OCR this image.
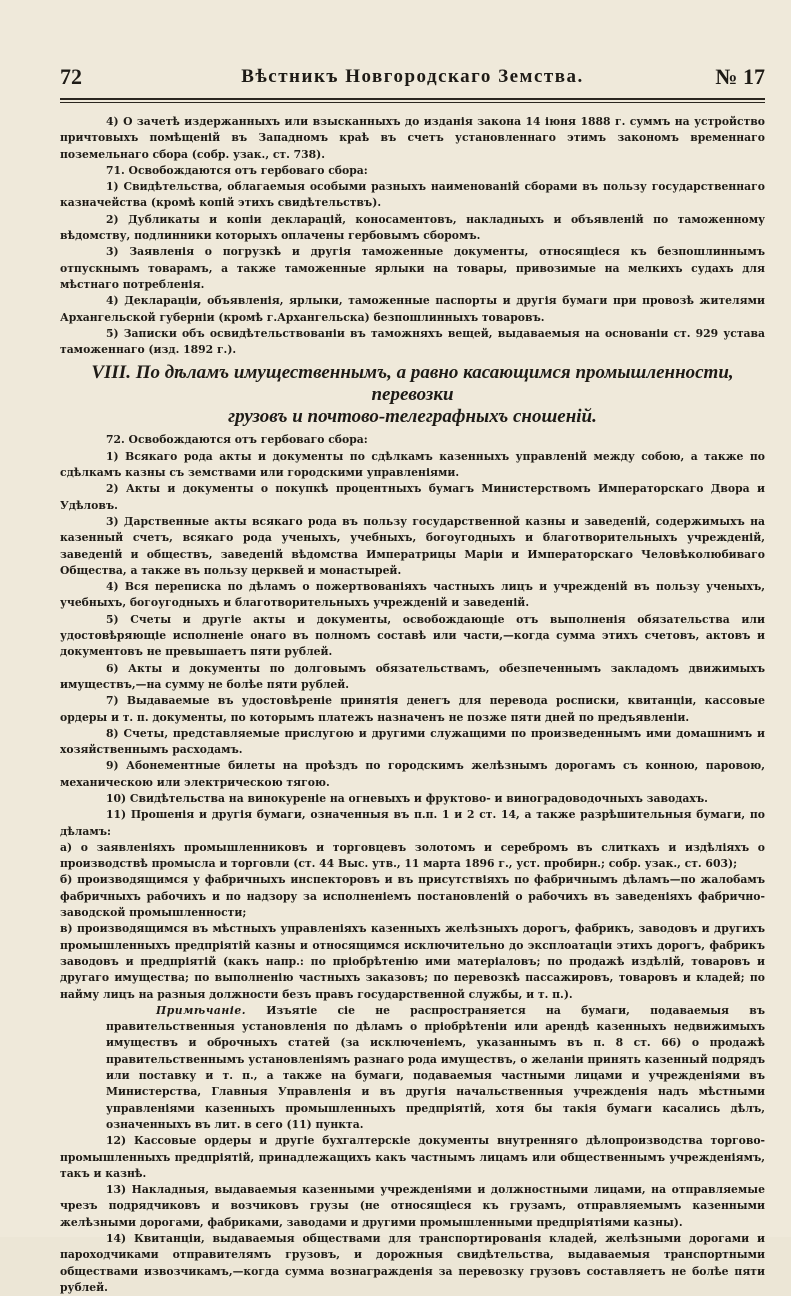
72	Вѣстникъ Новгородскаго Земства.	№ 17

4) О зачетѣ издержанныхъ или взысканныхъ до изданія закона 14 іюня 1888 г. суммъ на устройство причтовыхъ помѣщеній въ Западномъ краѣ въ счетъ установленнаго этимъ закономъ временнаго поземельнаго сбора (собр. узак., ст. 738).

71. Освобождаются отъ гербоваго сбора:

1) Свидѣтельства, облагаемыя особыми разныхъ наименованій сборами въ пользу государственнаго казначейства (кромѣ копій этихъ свидѣтельствъ).

2) Дубликаты и копіи декларацій, коносаментовъ, накладныхъ и объявленій по таможенному вѣдомству, подлинники которыхъ оплачены гербовымъ сборомъ.

3) Заявленія о погрузкѣ и другія таможенные документы, относящіеся къ безпошлиннымъ отпускнымъ товарамъ, а также таможенные ярлыки на товары, привозимые на мелкихъ судахъ для мѣстнаго потребленія.

4) Деклараціи, объявленія, ярлыки, таможенные паспорты и другія бумаги при провозѣ жителями Архангельской губерніи (кромѣ г.Архангельска) безпошлинныхъ товаровъ.

5) Записки объ освидѣтельствованіи въ таможняхъ вещей, выдаваемыя на основаніи ст. 929 устава таможеннаго (изд. 1892 г.).

VIII. По дѣламъ имущественнымъ, а равно касающимся промышленности, перевозки
грузовъ и почтово-телеграфныхъ сношеній.

72. Освобождаются отъ гербоваго сбора:

1) Всякаго рода акты и документы по сдѣлкамъ казенныхъ управленій между собою, а также по сдѣлкамъ казны съ земствами или городскими управленіями.

2) Акты и документы о покупкѣ процентныхъ бумагъ Министерствомъ Императорскаго Двора и Удѣловъ.

3) Дарственные акты всякаго рода въ пользу государственной казны и заведеній, содержимыхъ на казенный счетъ, всякаго рода ученыхъ, учебныхъ, богоугодныхъ и благотворительныхъ учрежденій, заведеній и обществъ, заведеній вѣдомства Императрицы Маріи и Императорскаго Человѣколюбиваго Общества, а также въ пользу церквей и монастырей.

4) Вся переписка по дѣламъ о пожертвованіяхъ частныхъ лицъ и учрежденій въ пользу ученыхъ, учебныхъ, богоугодныхъ и благотворительныхъ учрежденій и заведеній.

5) Счеты и другіе акты и документы, освобождающіе отъ выполненія обязательства или удостовѣряющіе исполненіе онаго въ полномъ составѣ или части,—когда сумма этихъ счетовъ, актовъ и документовъ не превышаетъ пяти рублей.

6) Акты и документы по долговымъ обязательствамъ, обезпеченнымъ закладомъ движимыхъ имуществъ,—на сумму не болѣе пяти рублей.

7) Выдаваемые въ удостовѣреніе принятія денегъ для перевода росписки, квитанціи, кассовые ордеры и т. п. документы, по которымъ платежъ назначенъ не позже пяти дней по предъявленіи.

8) Счеты, представляемые прислугою и другими служащими по произведеннымъ ими домашнимъ и хозяйственнымъ расходамъ.

9) Абонементные билеты на проѣздъ по городскимъ желѣзнымъ дорогамъ съ конною, паровою, механическою или электрическою тягою.

10) Свидѣтельства на винокуреніе на огневыхъ и фруктово- и виноградоводочныхъ заводахъ.

11) Прошенія и другія бумаги, означенныя въ п.п. 1 и 2 ст. 14, а также разрѣшительныя бумаги, по дѣламъ:

а) о заявленіяхъ промышленниковъ и торговцевъ золотомъ и серебромъ въ слиткахъ и издѣліяхъ о производствѣ промысла и торговли (ст. 44 Выс. утв., 11 марта 1896 г., уст. пробирн.; собр. узак., ст. 603);

б) производящимся у фабричныхъ инспекторовъ и въ присутствіяхъ по фабричнымъ дѣламъ—по жалобамъ фабричныхъ рабочихъ и по надзору за исполненіемъ постановленій о рабочихъ въ заведеніяхъ фабрично-заводской промышленности;

в) производящимся въ мѣстныхъ управленіяхъ казенныхъ желѣзныхъ дорогъ, фабрикъ, заводовъ и другихъ промышленныхъ предпріятій казны и относящимся исключительно до эксплоатаціи этихъ дорогъ, фабрикъ заводовъ и предпріятій (какъ напр.: по пріобрѣтенію ими матеріаловъ; по продажѣ издѣлій, товаровъ и другаго имущества; по выполненію частныхъ заказовъ; по перевозкѣ пассажировъ, товаровъ и кладей; по найму лицъ на разныя должности безъ правъ государственной службы, и т. п.).

Примѣчаніе. Изъятіе сіе не распространяется на бумаги, подаваемыя въ правительственныя установленія по дѣламъ о пріобрѣтеніи или арендѣ казенныхъ недвижимыхъ имуществъ и оброчныхъ статей (за исключеніемъ, указаннымъ въ п. 8 ст. 66) о продажѣ правительственнымъ установленіямъ разнаго рода имуществъ, о желаніи принять казенный подрядъ или поставку и т. п., а также на бумаги, подаваемыя частными лицами и учрежденіями въ Министерства, Главныя Управленія и въ другія начальственныя учрежденія надъ мѣстными управленіями казенныхъ промышленныхъ предпріятій, хотя бы такія бумаги касались дѣлъ, означенныхъ въ лит. в сего (11) пункта.

12) Кассовые ордеры и другіе бухгалтерскіе документы внутренняго дѣлопроизводства торгово-промышленныхъ предпріятій, принадлежащихъ какъ частнымъ лицамъ или общественнымъ учрежденіямъ, такъ и казнѣ.

13) Накладныя, выдаваемыя казенными учрежденіями и должностными лицами, на отправляемые чрезъ подрядчиковъ и возчиковъ грузы (не относящіеся къ грузамъ, отправляемымъ казенными желѣзными дорогами, фабриками, заводами и другими промышленными предпріятіями казны).

14) Квитанціи, выдаваемыя обществами для транспортированія кладей, желѣзными дорогами и пароходчиками отправителямъ грузовъ, и дорожныя свидѣтельства, выдаваемыя транспортными обществами извозчикамъ,—когда сумма вознагражденія за перевозку грузовъ составляетъ не болѣе пяти рублей.
